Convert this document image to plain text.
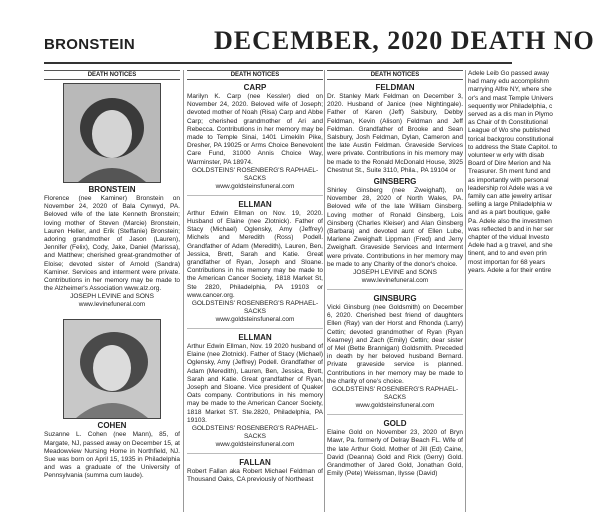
BRONSTEIN	DECEMBER, 2020 DEATH NO
DEATH NOTICES
BRONSTEIN
Florence (nee Kaminer) Bronstein on November 24, 2020 of Bala Cynwyd, PA. Beloved wife of the late Kenneth Bronstein; loving mother of Steven (Marcie) Bronstein, Lauren Heller, and Erik (Steffanie) Bronstein; adoring grandmother of Jason (Lauren), Jennifer (Felix), Cody, Jake, Daniel (Marissa), and Matthew; cherished great-grandmother of Eloise; devoted sister of Arnold (Sandra) Kaminer. Services and interment were private. Contributions in her memory may be made to the Alzheimer's Association www.alz.org.
JOSEPH LEVINE and SONS
www.levinefuneral.com
COHEN
Suzanne L. Cohen (nee Mann), 85, of Margate, NJ, passed away on December 15, at Meadowview Nursing Home in Northfield, NJ. Sue was born on April 15, 1935 in Philadelphia and was a graduate of the University of Pennsylvania (summa cum laude).
DEATH NOTICES
CARP
Marilyn K. Carp (nee Kessler) died on November 24, 2020. Beloved wife of Joseph; devoted mother of Noah (Risa) Carp and Abbe Carp; cherished grandmother of Ari and Rebecca. Contributions in her memory may be made to Temple Sinai, 1401 Limekiln Pike, Dresher, PA 19025 or Arms Choice Benevolent Care Fund, 31000 Annis Choice Way, Warminster, PA 18974.
GOLDSTEINS' ROSENBERG'S RAPHAEL-SACKS
www.goldsteinsfuneral.com
ELLMAN
Arthur Edwin Ellman on Nov. 19, 2020. Husband of Elaine (nee Zlotnick). Father of Stacy (Michael) Oglensky, Amy (Jeffrey) Michels and Meredith (Ross) Podell. Grandfather of Adam (Meredith), Lauren, Ben, Jessica, Brett, Sarah and Katie. Great grandfather of Ryan, Joseph and Sloane. Contributions in his memory may be made to the American Cancer Society, 1818 Market St, Ste 2820, Philadelphia, PA 19103 or www.cancer.org.
GOLDSTEINS' ROSENBERG'S RAPHAEL-SACKS
www.goldsteinsfuneral.com
ELLMAN
Arthur Edwin Ellman, Nov. 19 2020 husband of Elaine (nee Zlotnick). Father of Stacy (Michael) Oglensky, Amy (Jeffrey) Podell. Grandfather of Adam (Meredith), Lauren, Ben, Jessica, Brett, Sarah and Katie. Great grandfather of Ryan, Joseph and Sloane. Vice president of Quaker Oats company. Contributions in his memory may be made to the American Cancer Society, 1818 Market ST. Ste.2820, Philadelphia, PA 19103.
GOLDSTEINS' ROSENBERG'S RAPHAEL-SACKS
www.goldsteinsfuneral.com
FALLAN
Robert Fallan aka Robert Michael Feldman of Thousand Oaks, CA previously of Northeast
DEATH NOTICES
FELDMAN
Dr. Stanley Mark Feldman on December 3, 2020. Husband of Janice (nee Nightingale). Father of Karen (Jeff) Salsbury, Debby Feldman, Kevin (Alison) Feldman and Jeff Feldman. Grandfather of Brooke and Sean Salsbury, Josh Feldman, Dylan, Cameron and the late Austin Feldman. Graveside Services were private. Contributions in his memory may be made to the Ronald McDonald House, 3925 Chestnut St., Suite 3110, Phila., PA 19104 or
GINSBERG
Shirley Ginsberg (nee Zweighaft), on November 28, 2020 of North Wales, PA. Beloved wife of the late William Ginsberg. Loving mother of Ronald Ginsberg, Lois Ginsberg (Charles Kleiser) and Alan Ginsberg (Barbara) and devoted aunt of Ellen Lube, Marlene Zweighaft Lippman (Fred) and Jerry Zweighaft. Graveside Services and Interment were private. Contributions in her memory may be made to any Charity of the donor's choice.
JOSEPH LEVINE and SONS
www.levinefuneral.com
GINSBURG
Vicki Ginsburg (nee Goldsmith) on December 6, 2020. Cherished best friend of daughters Ellen (Ray) van der Horst and Rhonda (Larry) Cettin; devoted grandmother of Ryan (Ryan Kearney) and Zach (Emily) Cettin; dear sister of Mel (Bette Brannigan) Goldsmith. Preceded in death by her beloved husband Bernard. Private graveside service is planned. Contributions in her memory may be made to the charity of one's choice.
GOLDSTEINS' ROSENBERG'S RAPHAEL-SACKS
www.goldsteinsfuneral.com
GOLD
Elaine Gold on November 23, 2020 of Bryn Mawr, Pa. formerly of Delray Beach FL. Wife of the late Arthur Gold. Mother of Jill (Ed) Caine, David (Deanna) Gold and Rick (Gerry) Gold. Grandmother of Jared Gold, Jonathan Gold, Emily (Pete) Weissman, Ilysse (David)
Adele Leib Go passed away had many edu accomplishm marrying Alfre NY, where she or's and mast Temple Univers sequently wor Philadelphia, c served as a dis man in Plymo as Chair of th Constitutional League of Wo she published torical backgrou constitutional to address the State Capitol. to volunteer w erly with disab Board of Dire Merion and Na Treasurer. Sh ment fund and as importantly with personal leadership rol Adele was a ve family can atte jewelry artisar selling a large Philadelphia w and as a part boutique, galle Pa. Adele also the investmen was reflected b and in her ser chapter of the vidual Investo Adele had a g travel, and she tinent, and to and even prin most importan for 68 years years. Adele a for their entire
